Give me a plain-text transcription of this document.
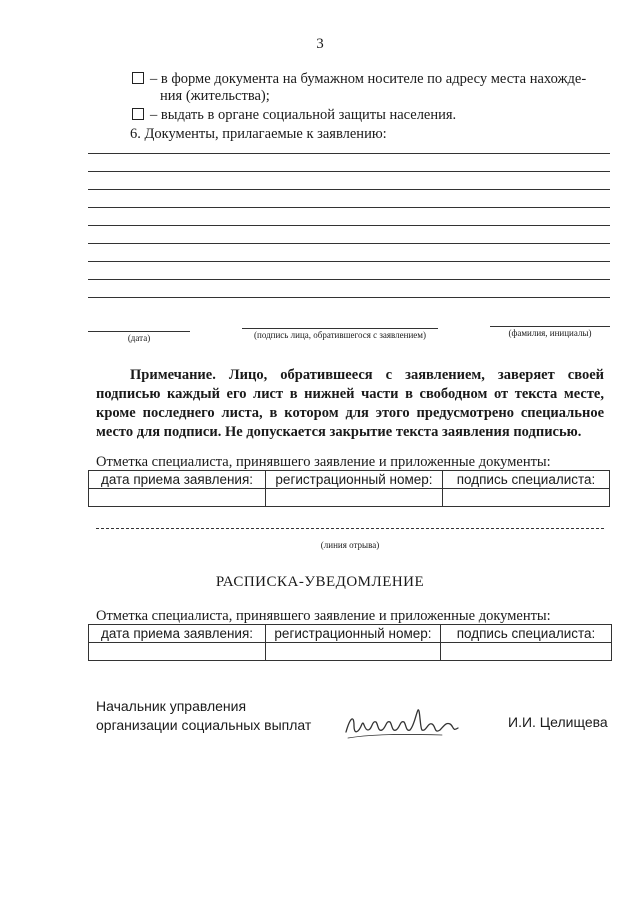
3
– в форме документа на бумажном носителе по адресу места нахожде-
ния (жительства);
– выдать в органе социальной защиты населения.
6. Документы, прилагаемые к заявлению:
(дата)	(подпись лица, обратившегося с заявлением)	(фамилия, инициалы)
Примечание. Лицо, обратившееся с заявлением, заверяет своей подписью каждый его лист в нижней части в свободном от текста месте, кроме последнего листа, в котором для этого предусмотрено специальное место для подписи. Не допускается закрытие текста заявления подписью.
Отметка специалиста, принявшего заявление и приложенные документы:
дата приема заявления:	регистрационный номер:	подпись специалиста:

(линия отрыва)
РАСПИСКА-УВЕДОМЛЕНИЕ
Отметка специалиста, принявшего заявление и приложенные документы:
дата приема заявления:	регистрационный номер:	подпись специалиста:

Начальник управления
организации социальных выплат	И.И. Целищева
